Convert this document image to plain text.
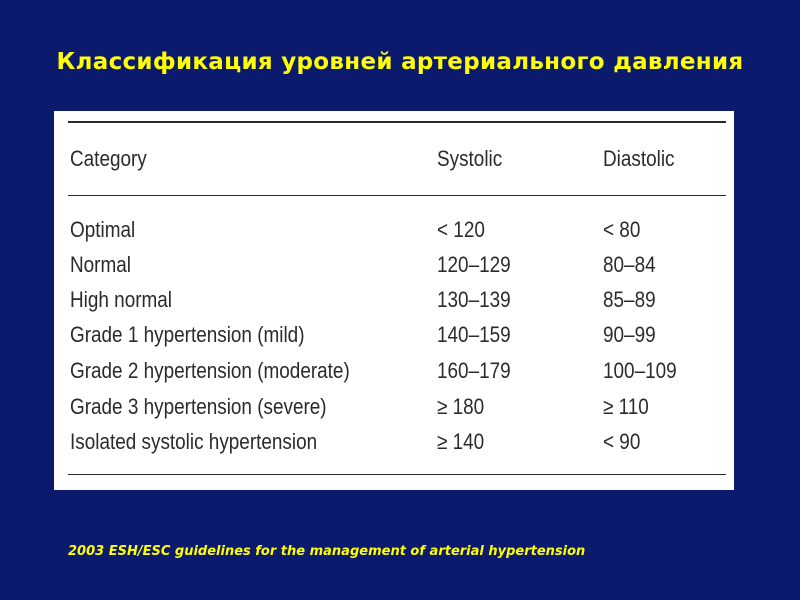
Классификация уровней артериального давления
Category	Systolic	Diastolic
Optimal	< 120	< 80
Normal	120–129	80–84
High normal	130–139	85–89
Grade 1 hypertension (mild)	140–159	90–99
Grade 2 hypertension (moderate)	160–179	100–109
Grade 3 hypertension (severe)	≥ 180	≥ 110
Isolated systolic hypertension	≥ 140	< 90
2003 ESH/ESC guidelines for the management of arterial hypertension
